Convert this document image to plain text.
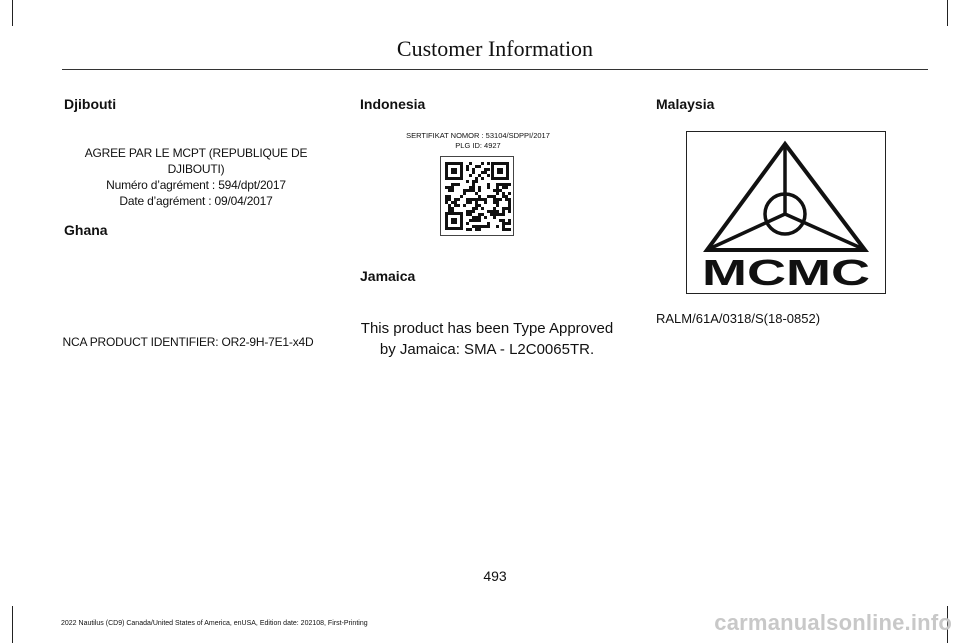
Customer Information
Djibouti
AGREE PAR LE MCPT (REPUBLIQUE DE DJIBOUTI)
Numéro d’agrément : 594/dpt/2017
Date d’agrément : 09/04/2017
Ghana
NCA PRODUCT IDENTIFIER: OR2-9H-7E1-x4D
Indonesia
SERTIFIKAT NOMOR : 53104/SDPPI/2017
PLG ID: 4927
Jamaica
This product has been Type Approved
by Jamaica: SMA - L2C0065TR.
Malaysia
MCMC
RALM/61A/0318/S(18-0852)
493
2022 Nautilus (CD9) Canada/United States of America, enUSA, Edition date: 202108, First-Printing	carmanualsonline.info
